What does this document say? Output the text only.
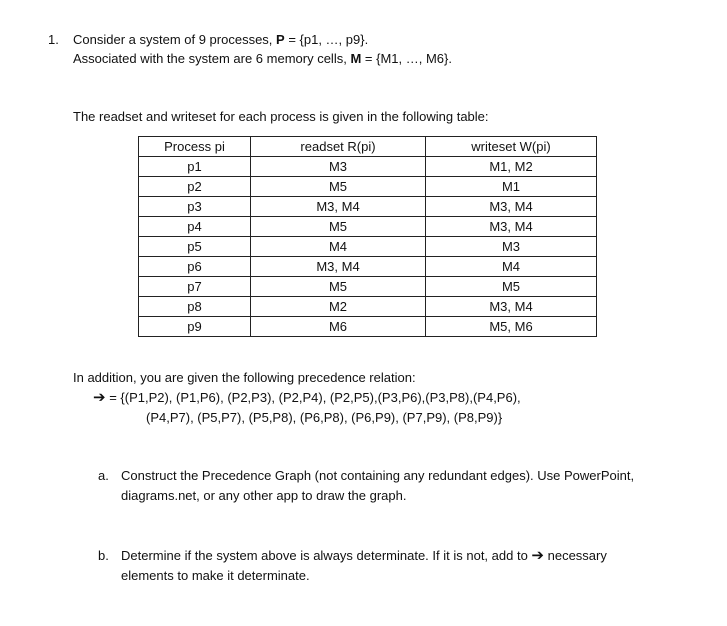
1. Consider a system of 9 processes, P = {p1, …, p9}.
Associated with the system are 6 memory cells, M = {M1, …, M6}.
The readset and writeset for each process is given in the following table:
Process pi	readset R(pi)	writeset W(pi)
p1	M3	M1, M2
p2	M5	M1
p3	M3, M4	M3, M4
p4	M5	M3, M4
p5	M4	M3
p6	M3, M4	M4
p7	M5	M5
p8	M2	M3, M4
p9	M6	M5, M6
In addition, you are given the following precedence relation:
➔ = {(P1,P2), (P1,P6), (P2,P3), (P2,P4), (P2,P5),(P3,P6),(P3,P8),(P4,P6),
(P4,P7), (P5,P7), (P5,P8), (P6,P8), (P6,P9), (P7,P9), (P8,P9)}
a. Construct the Precedence Graph (not containing any redundant edges). Use PowerPoint,
diagrams.net, or any other app to draw the graph.
b. Determine if the system above is always determinate. If it is not, add to ➔ necessary
elements to make it determinate.
